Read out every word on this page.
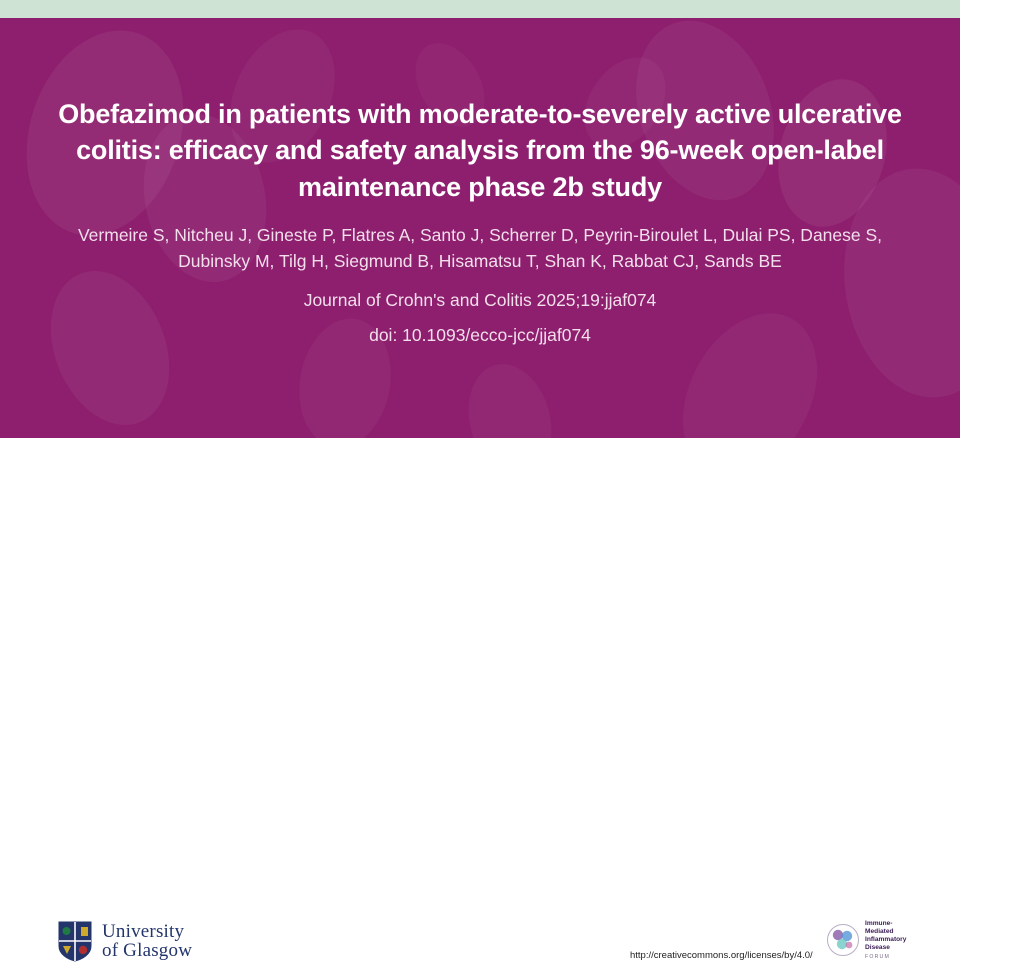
Obefazimod in patients with moderate-to-severely active ulcerative colitis: efficacy and safety analysis from the 96-week open-label maintenance phase 2b study
Vermeire S, Nitcheu J, Gineste P, Flatres A, Santo J, Scherrer D, Peyrin-Biroulet L, Dulai PS, Danese S, Dubinsky M, Tilg H, Siegmund B, Hisamatsu T, Shan K, Rabbat CJ, Sands BE
Journal of Crohn's and Colitis 2025;19:jjaf074
doi: 10.1093/ecco-jcc/jjaf074
University
of Glasgow	http://creativecommons.org/licenses/by/4.0/
Immune-Mediated
Inflammatory Disease
FORUM
